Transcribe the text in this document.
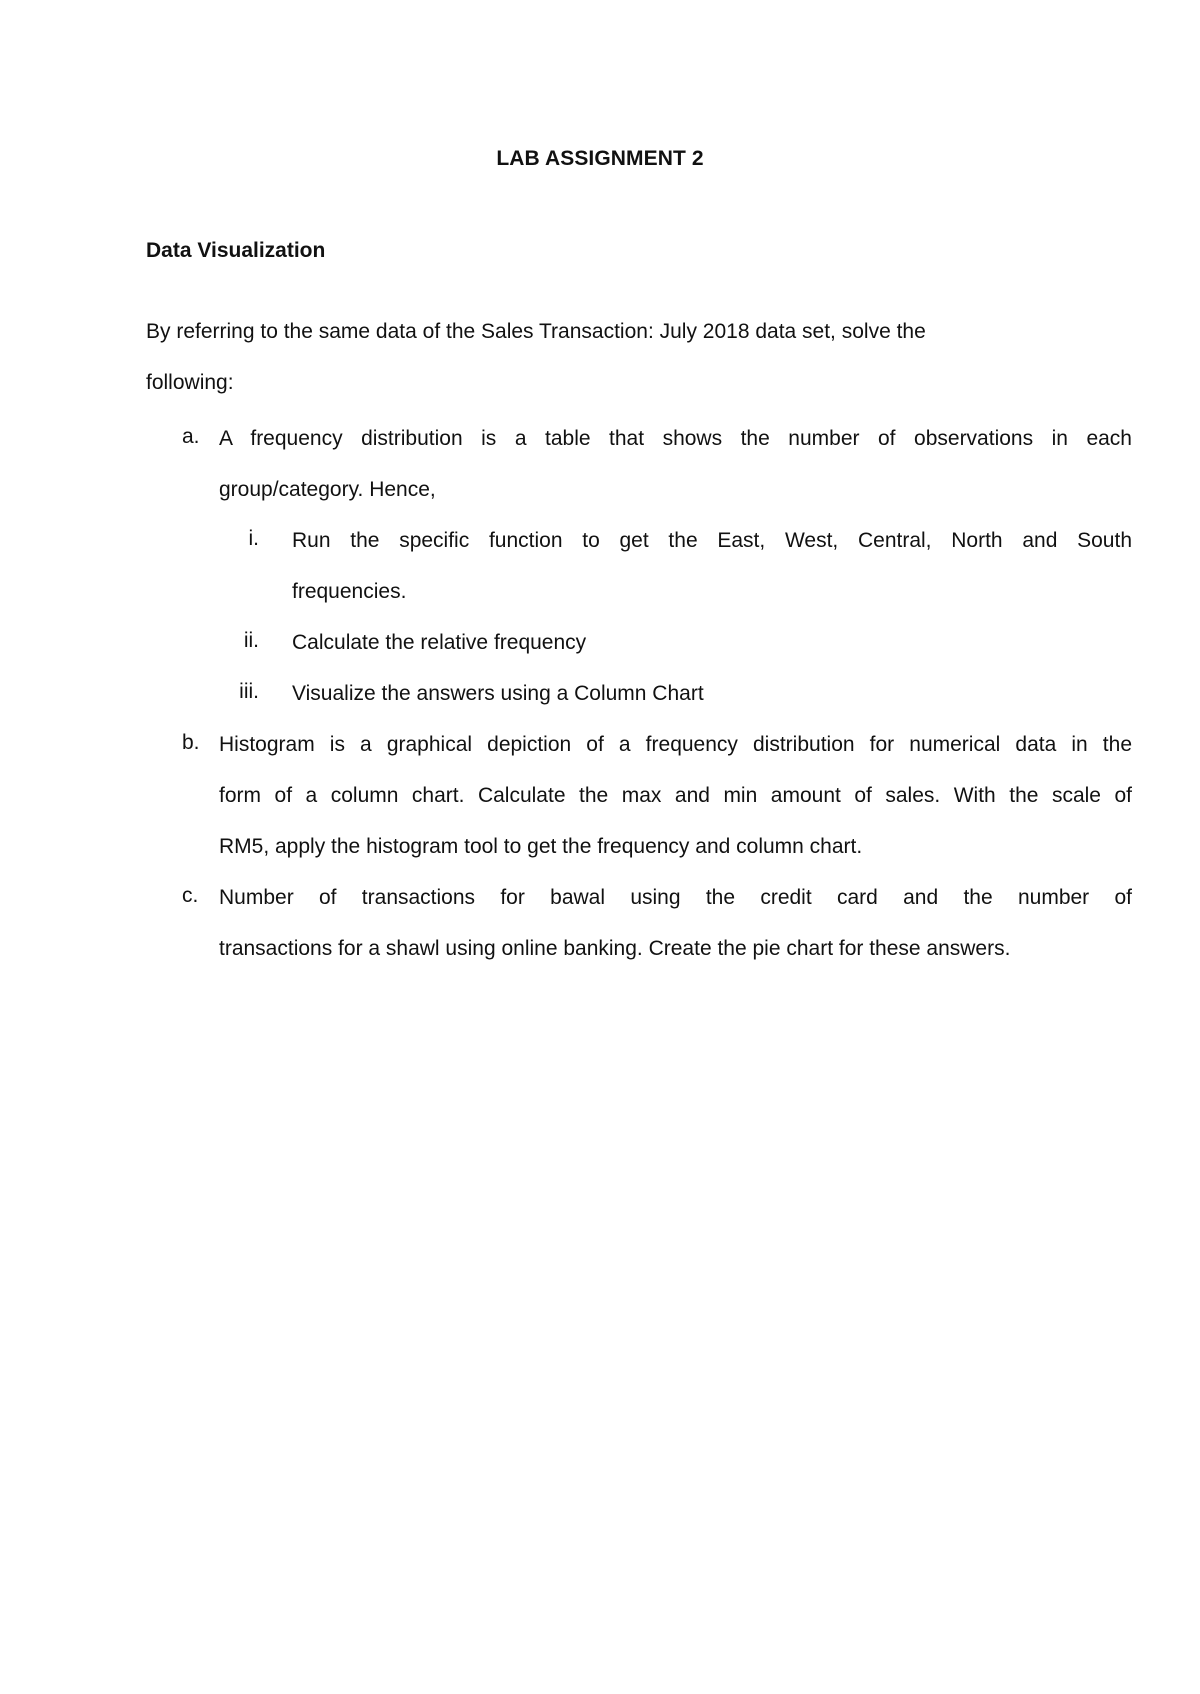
LAB ASSIGNMENT 2
Data Visualization
By referring to the same data of the Sales Transaction: July 2018 data set, solve the
following:
a. A frequency distribution is a table that shows the number of observations in each
group/category. Hence,
i. Run the specific function to get the East, West, Central, North and South
frequencies.
ii. Calculate the relative frequency
iii. Visualize the answers using a Column Chart
b. Histogram is a graphical depiction of a frequency distribution for numerical data in the
form of a column chart. Calculate the max and min amount of sales. With the scale of
RM5, apply the histogram tool to get the frequency and column chart.
c. Number of transactions for bawal using the credit card and the number of
transactions for a shawl using online banking. Create the pie chart for these answers.
